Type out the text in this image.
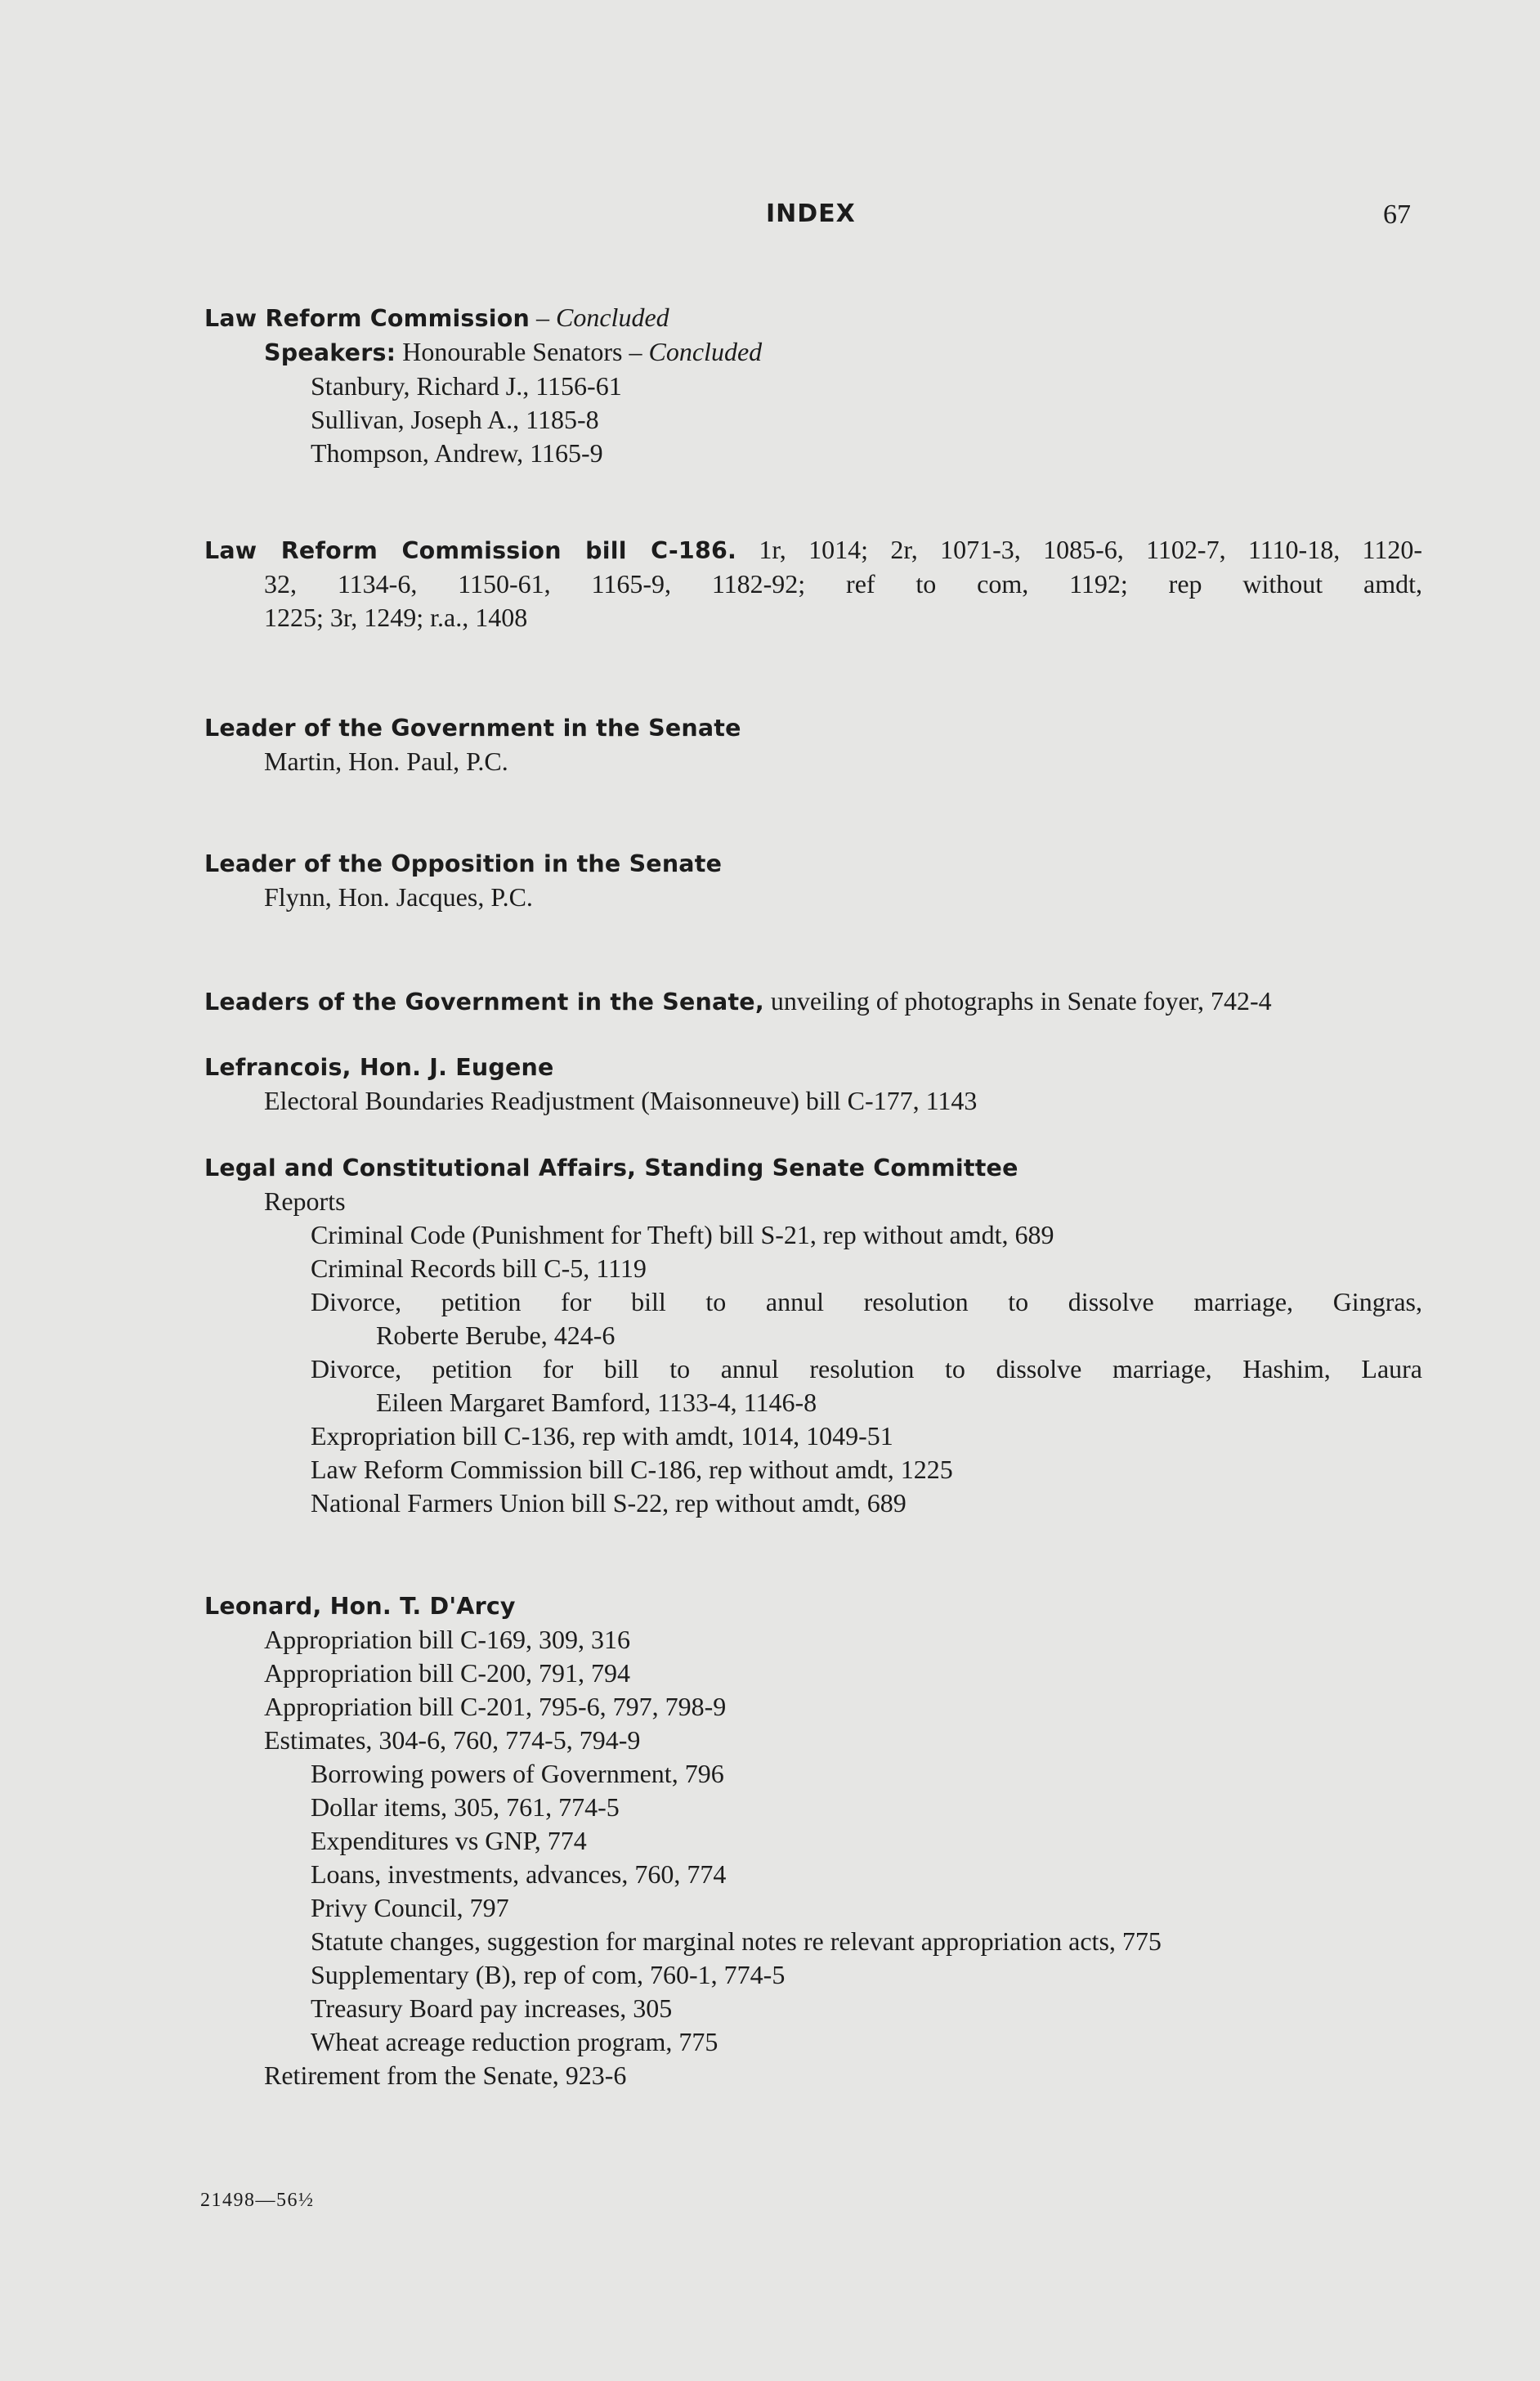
INDEX	67
Law Reform Commission – Concluded
Speakers: Honourable Senators – Concluded
Stanbury, Richard J., 1156-61
Sullivan, Joseph A., 1185-8
Thompson, Andrew, 1165-9
Law Reform Commission bill C-186. 1r, 1014; 2r, 1071-3, 1085-6, 1102-7, 1110-18, 1120-
32, 1134-6, 1150-61, 1165-9, 1182-92; ref to com, 1192; rep without amdt,
1225; 3r, 1249; r.a., 1408
Leader of the Government in the Senate
Martin, Hon. Paul, P.C.
Leader of the Opposition in the Senate
Flynn, Hon. Jacques, P.C.
Leaders of the Government in the Senate, unveiling of photographs in Senate foyer, 742-4
Lefrancois, Hon. J. Eugene
Electoral Boundaries Readjustment (Maisonneuve) bill C-177, 1143
Legal and Constitutional Affairs, Standing Senate Committee
Reports
Criminal Code (Punishment for Theft) bill S-21, rep without amdt, 689
Criminal Records bill C-5, 1119
Divorce, petition for bill to annul resolution to dissolve marriage, Gingras,
Roberte Berube, 424-6
Divorce, petition for bill to annul resolution to dissolve marriage, Hashim, Laura
Eileen Margaret Bamford, 1133-4, 1146-8
Expropriation bill C-136, rep with amdt, 1014, 1049-51
Law Reform Commission bill C-186, rep without amdt, 1225
National Farmers Union bill S-22, rep without amdt, 689
Leonard, Hon. T. D'Arcy
Appropriation bill C-169, 309, 316
Appropriation bill C-200, 791, 794
Appropriation bill C-201, 795-6, 797, 798-9
Estimates, 304-6, 760, 774-5, 794-9
Borrowing powers of Government, 796
Dollar items, 305, 761, 774-5
Expenditures vs GNP, 774
Loans, investments, advances, 760, 774
Privy Council, 797
Statute changes, suggestion for marginal notes re relevant appropriation acts, 775
Supplementary (B), rep of com, 760-1, 774-5
Treasury Board pay increases, 305
Wheat acreage reduction program, 775
Retirement from the Senate, 923-6
21498—56½
